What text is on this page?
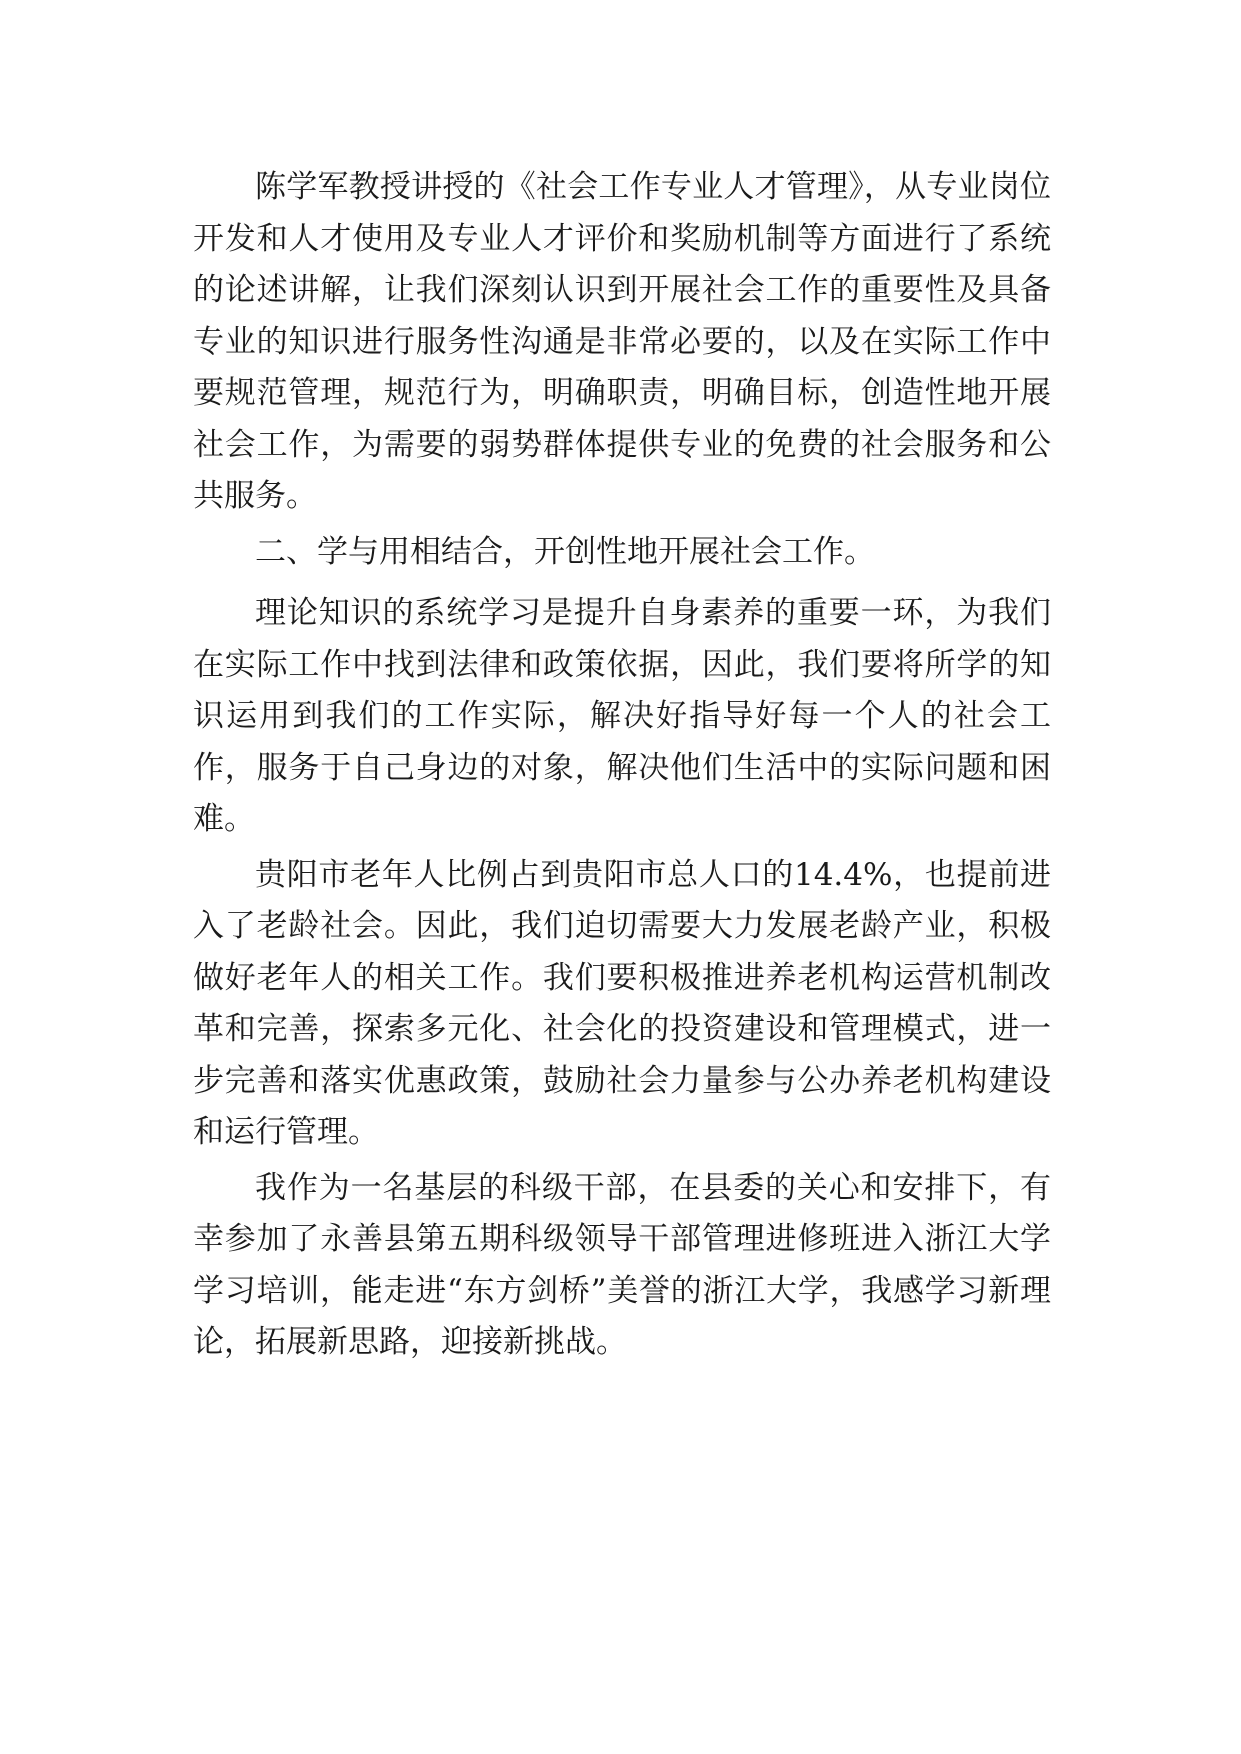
陈学军教授讲授的《社会工作专业人才管理》，从专业岗位开发和人才使用及专业人才评价和奖励机制等方面进行了系统的论述讲解，让我们深刻认识到开展社会工作的重要性及具备专业的知识进行服务性沟通是非常必要的，以及在实际工作中要规范管理，规范行为，明确职责，明确目标，创造性地开展社会工作，为需要的弱势群体提供专业的免费的社会服务和公共服务。

二、学与用相结合，开创性地开展社会工作。

理论知识的系统学习是提升自身素养的重要一环，为我们在实际工作中找到法律和政策依据，因此，我们要将所学的知识运用到我们的工作实际，解决好指导好每一个人的社会工作，服务于自己身边的对象，解决他们生活中的实际问题和困难。

贵阳市老年人比例占到贵阳市总人口的14.4%，也提前进入了老龄社会。因此，我们迫切需要大力发展老龄产业，积极做好老年人的相关工作。我们要积极推进养老机构运营机制改革和完善，探索多元化、社会化的投资建设和管理模式，进一步完善和落实优惠政策，鼓励社会力量参与公办养老机构建设和运行管理。

我作为一名基层的科级干部，在县委的关心和安排下，有幸参加了永善县第五期科级领导干部管理进修班进入浙江大学学习培训，能走进“东方剑桥”美誉的浙江大学，我感学习新理论，拓展新思路，迎接新挑战。
